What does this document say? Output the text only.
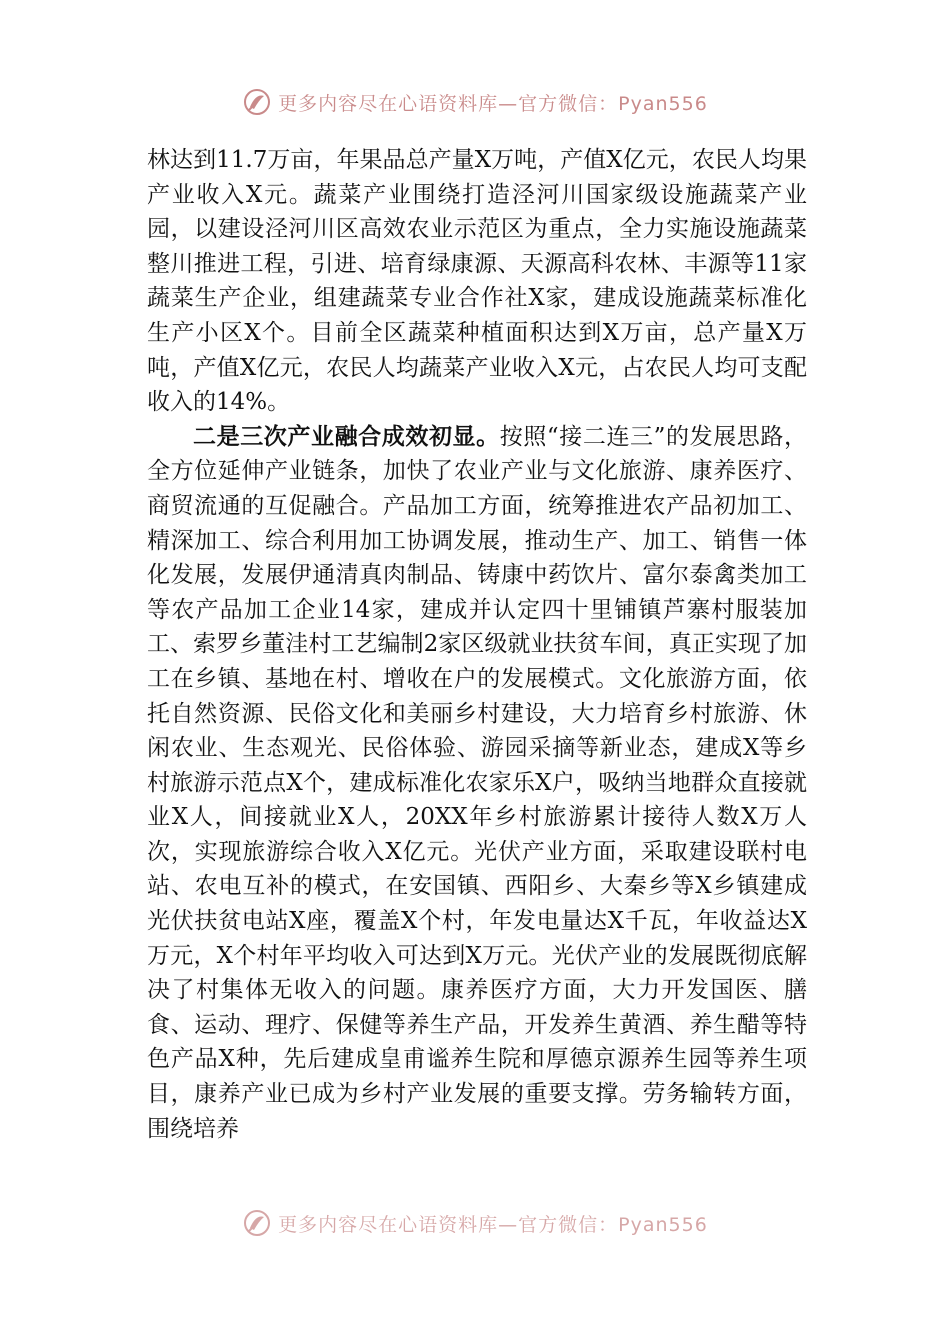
更多内容尽在心语资料库—官方微信：Pyan556

林达到11.7万亩，年果品总产量X万吨，产值X亿元，农民人均果产业收入X元。蔬菜产业围绕打造泾河川国家级设施蔬菜产业园，以建设泾河川区高效农业示范区为重点，全力实施设施蔬菜整川推进工程，引进、培育绿康源、天源高科农林、丰源等11家蔬菜生产企业，组建蔬菜专业合作社X家，建成设施蔬菜标准化生产小区X个。目前全区蔬菜种植面积达到X万亩，总产量X万吨，产值X亿元，农民人均蔬菜产业收入X元，占农民人均可支配收入的14%。

二是三次产业融合成效初显。按照“接二连三”的发展思路，全方位延伸产业链条，加快了农业产业与文化旅游、康养医疗、商贸流通的互促融合。产品加工方面，统筹推进农产品初加工、精深加工、综合利用加工协调发展，推动生产、加工、销售一体化发展，发展伊通清真肉制品、铸康中药饮片、富尔泰禽类加工等农产品加工企业14家，建成并认定四十里铺镇芦寨村服装加工、索罗乡董洼村工艺编制2家区级就业扶贫车间，真正实现了加工在乡镇、基地在村、增收在户的发展模式。文化旅游方面，依托自然资源、民俗文化和美丽乡村建设，大力培育乡村旅游、休闲农业、生态观光、民俗体验、游园采摘等新业态，建成X等乡村旅游示范点X个，建成标准化农家乐X户，吸纳当地群众直接就业X人，间接就业X人，20XX年乡村旅游累计接待人数X万人次，实现旅游综合收入X亿元。光伏产业方面，采取建设联村电站、农电互补的模式，在安国镇、西阳乡、大秦乡等X乡镇建成光伏扶贫电站X座，覆盖X个村，年发电量达X千瓦，年收益达X万元，X个村年平均收入可达到X万元。光伏产业的发展既彻底解决了村集体无收入的问题。康养医疗方面，大力开发国医、膳食、运动、理疗、保健等养生产品，开发养生黄酒、养生醋等特色产品X种，先后建成皇甫谧养生院和厚德京源养生园等养生项目，康养产业已成为乡村产业发展的重要支撑。劳务输转方面，围绕培养

更多内容尽在心语资料库—官方微信：Pyan556
